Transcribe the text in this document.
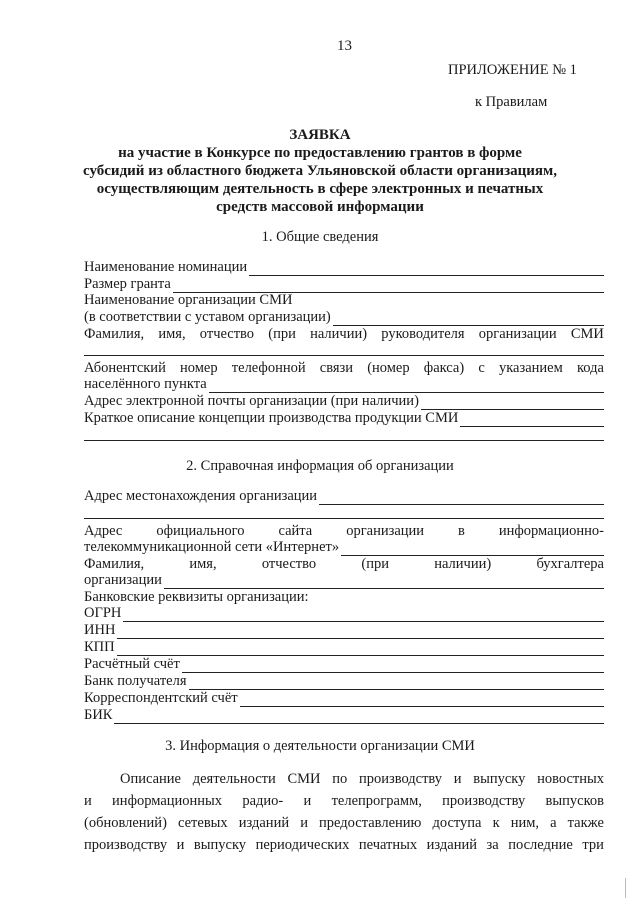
13
ПРИЛОЖЕНИЕ № 1
к Правилам
ЗАЯВКА
на участие в Конкурсе по предоставлению грантов в форме
субсидий из областного бюджета Ульяновской области организациям,
осуществляющим деятельность в сфере электронных и печатных
средств массовой информации
1. Общие сведения
Наименование номинации
Размер гранта
Наименование организации СМИ
(в соответствии с уставом организации)
Фамилия, имя, отчество (при наличии) руководителя организации СМИ
Абонентский номер телефонной связи (номер факса) с указанием кода
населённого пункта
Адрес электронной почты организации (при наличии)
Краткое описание концепции производства продукции СМИ
2. Справочная информация об организации
Адрес местонахождения организации
Адрес официального сайта организации в информационно-
телекоммуникационной сети «Интернет»
Фамилия,	имя,	отчество	(при	наличии)	бухгалтера
организации
Банковские реквизиты организации:
ОГРН
ИНН
КПП
Расчётный счёт
Банк получателя
Корреспондентский счёт
БИК
3. Информация о деятельности организации СМИ
Описание деятельности СМИ по производству и выпуску новостных
и информационных радио- и телепрограмм, производству выпусков
(обновлений) сетевых изданий и предоставлению доступа к ним, а также
производству и выпуску периодических печатных изданий за последние три
